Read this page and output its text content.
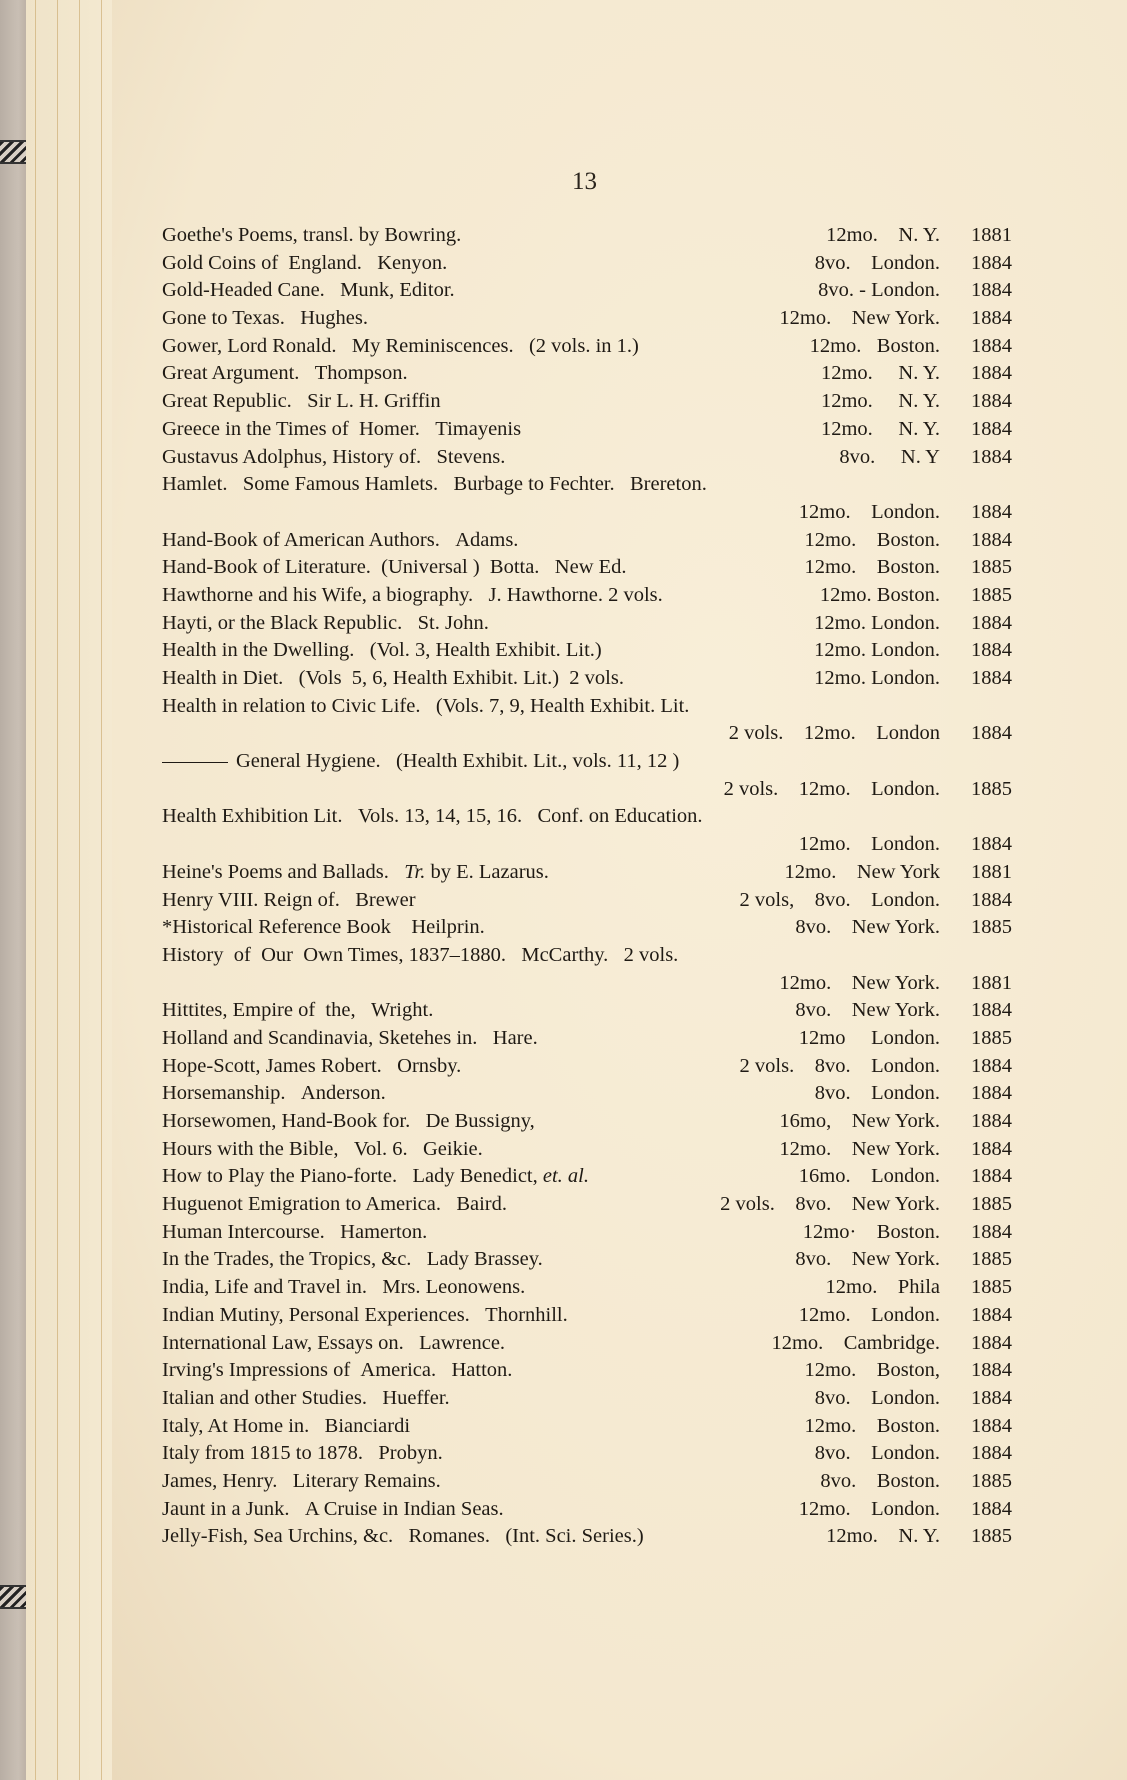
13
Goethe's Poems, transl. by Bowring.	12mo.    N. Y. 1881
Gold Coins of  England.   Kenyon.	8vo.    London. 1884
Gold-Headed Cane.   Munk, Editor.	8vo. - London. 1884
Gone to Texas.   Hughes.	12mo.    New York. 1884
Gower, Lord Ronald.   My Reminiscences.   (2 vols. in 1.)	12mo.   Boston. 1884
Great Argument.   Thompson.	12mo.     N. Y. 1884
Great Republic.   Sir L. H. Griffin	12mo.     N. Y. 1884
Greece in the Times of  Homer.   Timayenis	12mo.     N. Y. 1884
Gustavus Adolphus, History of.   Stevens.	8vo.     N. Y 1884
Hamlet.   Some Famous Hamlets.   Burbage to Fechter.   Brereton.
12mo.    London. 1884
Hand-Book of American Authors.   Adams.	12mo.    Boston. 1884
Hand-Book of Literature.  (Universal )  Botta.   New Ed.	12mo.    Boston. 1885
Hawthorne and his Wife, a biography.   J. Hawthorne. 2 vols.	12mo. Boston. 1885
Hayti, or the Black Republic.   St. John.	12mo. London. 1884
Health in the Dwelling.   (Vol. 3, Health Exhibit. Lit.)	12mo. London. 1884
Health in Diet.   (Vols  5, 6, Health Exhibit. Lit.)  2 vols.	12mo. London. 1884
Health in relation to Civic Life.   (Vols. 7, 9, Health Exhibit. Lit.
2 vols.    12mo.    London 1884
General Hygiene.   (Health Exhibit. Lit., vols. 11, 12 )
2 vols.    12mo.    London. 1885
Health Exhibition Lit.   Vols. 13, 14, 15, 16.   Conf. on Education.
12mo.    London. 1884
Heine's Poems and Ballads.   Tr. by E. Lazarus.	12mo.    New York 1881
Henry VIII. Reign of.   Brewer	2 vols,    8vo.    London. 1884
*Historical Reference Book    Heilprin.	8vo.    New York. 1885
History  of  Our  Own Times, 1837–1880.   McCarthy.   2 vols.
12mo.    New York. 1881
Hittites, Empire of  the,   Wright.	8vo.    New York. 1884
Holland and Scandinavia, Sketehes in.   Hare.	12mo     London. 1885
Hope-Scott, James Robert.   Ornsby.	2 vols.    8vo.    London. 1884
Horsemanship.   Anderson.	8vo.    London. 1884
Horsewomen, Hand-Book for.   De Bussigny,	16mo,    New York. 1884
Hours with the Bible,   Vol. 6.   Geikie.	12mo.    New York. 1884
How to Play the Piano-forte.   Lady Benedict, et. al.	16mo.    London. 1884
Huguenot Emigration to America.   Baird.	2 vols.    8vo.    New York. 1885
Human Intercourse.   Hamerton.	12mo·    Boston. 1884
In the Trades, the Tropics, &c.   Lady Brassey.	8vo.    New York. 1885
India, Life and Travel in.   Mrs. Leonowens.	12mo.    Phila 1885
Indian Mutiny, Personal Experiences.   Thornhill.	12mo.    London. 1884
International Law, Essays on.   Lawrence.	12mo.    Cambridge. 1884
Irving's Impressions of  America.   Hatton.	12mo.    Boston, 1884
Italian and other Studies.   Hueffer.	8vo.    London. 1884
Italy, At Home in.   Bianciardi	12mo.    Boston. 1884
Italy from 1815 to 1878.   Probyn.	8vo.    London. 1884
James, Henry.   Literary Remains.	8vo.    Boston. 1885
Jaunt in a Junk.   A Cruise in Indian Seas.	12mo.    London. 1884
Jelly-Fish, Sea Urchins, &c.   Romanes.   (Int. Sci. Series.)	12mo.    N. Y. 1885
